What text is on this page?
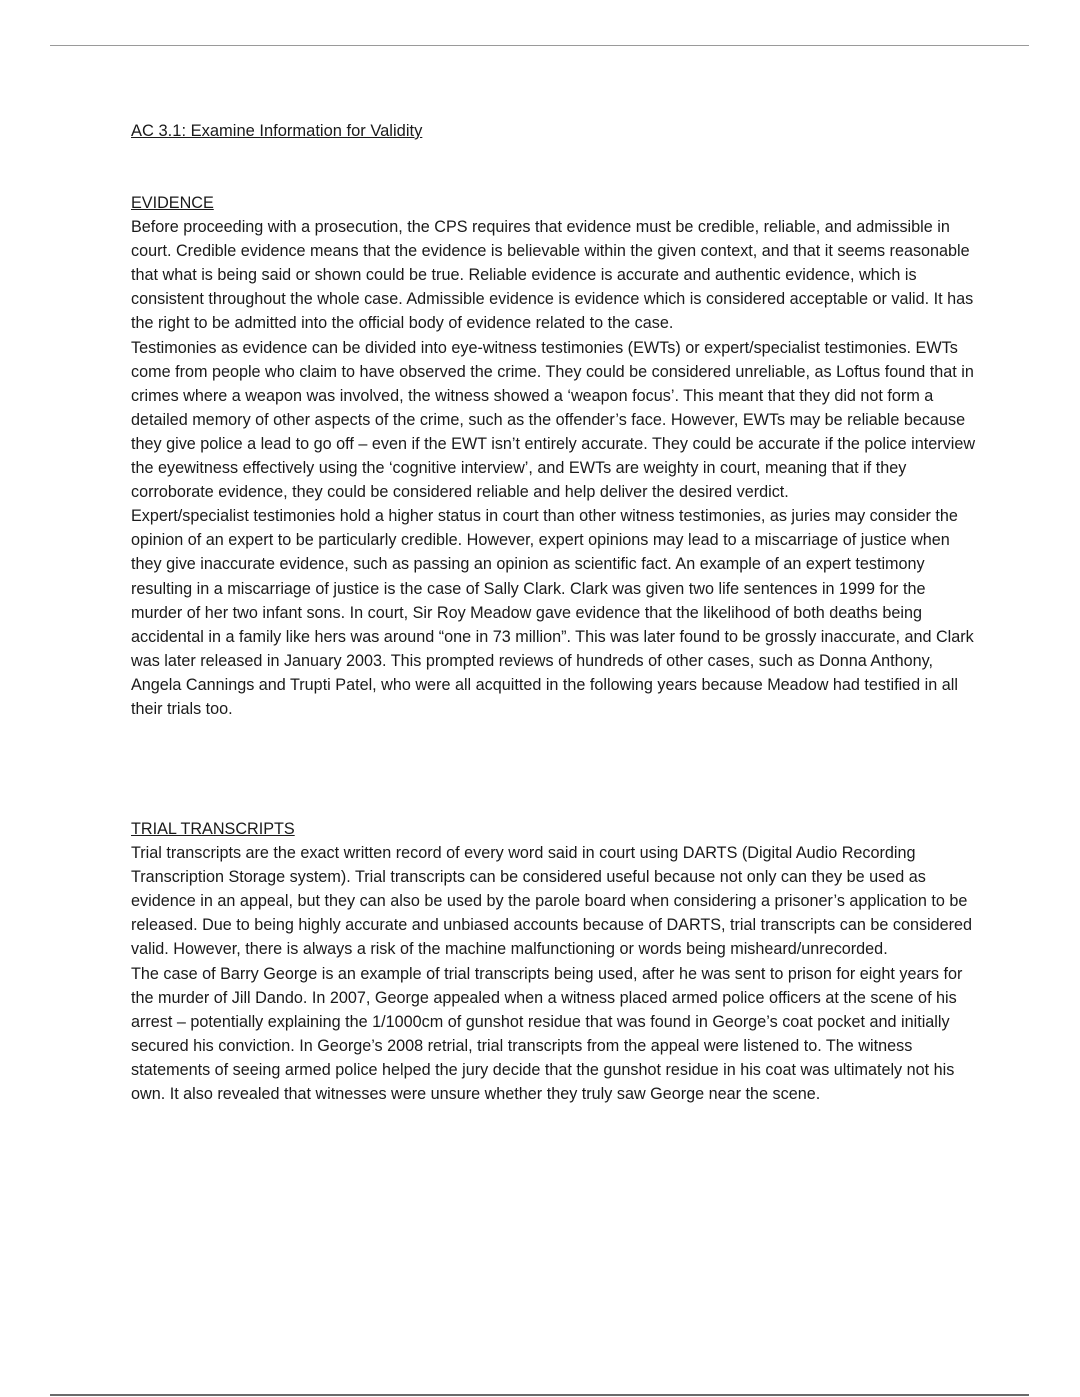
AC 3.1: Examine Information for Validity
EVIDENCE

Before proceeding with a prosecution, the CPS requires that evidence must be credible, reliable, and admissible in court. Credible evidence means that the evidence is believable within the given context, and that it seems reasonable that what is being said or shown could be true. Reliable evidence is accurate and authentic evidence, which is consistent throughout the whole case. Admissible evidence is evidence which is considered acceptable or valid. It has the right to be admitted into the official body of evidence related to the case.

Testimonies as evidence can be divided into eye-witness testimonies (EWTs) or expert/specialist testimonies. EWTs come from people who claim to have observed the crime. They could be considered unreliable, as Loftus found that in crimes where a weapon was involved, the witness showed a ‘weapon focus’. This meant that they did not form a detailed memory of other aspects of the crime, such as the offender’s face. However, EWTs may be reliable because they give police a lead to go off – even if the EWT isn’t entirely accurate. They could be accurate if the police interview the eyewitness effectively using the ‘cognitive interview’, and EWTs are weighty in court, meaning that if they corroborate evidence, they could be considered reliable and help deliver the desired verdict.

Expert/specialist testimonies hold a higher status in court than other witness testimonies, as juries may consider the opinion of an expert to be particularly credible. However, expert opinions may lead to a miscarriage of justice when they give inaccurate evidence, such as passing an opinion as scientific fact. An example of an expert testimony resulting in a miscarriage of justice is the case of Sally Clark. Clark was given two life sentences in 1999 for the murder of her two infant sons. In court, Sir Roy Meadow gave evidence that the likelihood of both deaths being accidental in a family like hers was around “one in 73 million”. This was later found to be grossly inaccurate, and Clark was later released in January 2003. This prompted reviews of hundreds of other cases, such as Donna Anthony, Angela Cannings and Trupti Patel, who were all acquitted in the following years because Meadow had testified in all their trials too.

TRIAL TRANSCRIPTS

Trial transcripts are the exact written record of every word said in court using DARTS (Digital Audio Recording Transcription Storage system). Trial transcripts can be considered useful because not only can they be used as evidence in an appeal, but they can also be used by the parole board when considering a prisoner’s application to be released. Due to being highly accurate and unbiased accounts because of DARTS, trial transcripts can be considered valid. However, there is always a risk of the machine malfunctioning or words being misheard/unrecorded.

The case of Barry George is an example of trial transcripts being used, after he was sent to prison for eight years for the murder of Jill Dando. In 2007, George appealed when a witness placed armed police officers at the scene of his arrest – potentially explaining the 1/1000cm of gunshot residue that was found in George’s coat pocket and initially secured his conviction. In George’s 2008 retrial, trial transcripts from the appeal were listened to. The witness statements of seeing armed police helped the jury decide that the gunshot residue in his coat was ultimately not his own. It also revealed that witnesses were unsure whether they truly saw George near the scene.
